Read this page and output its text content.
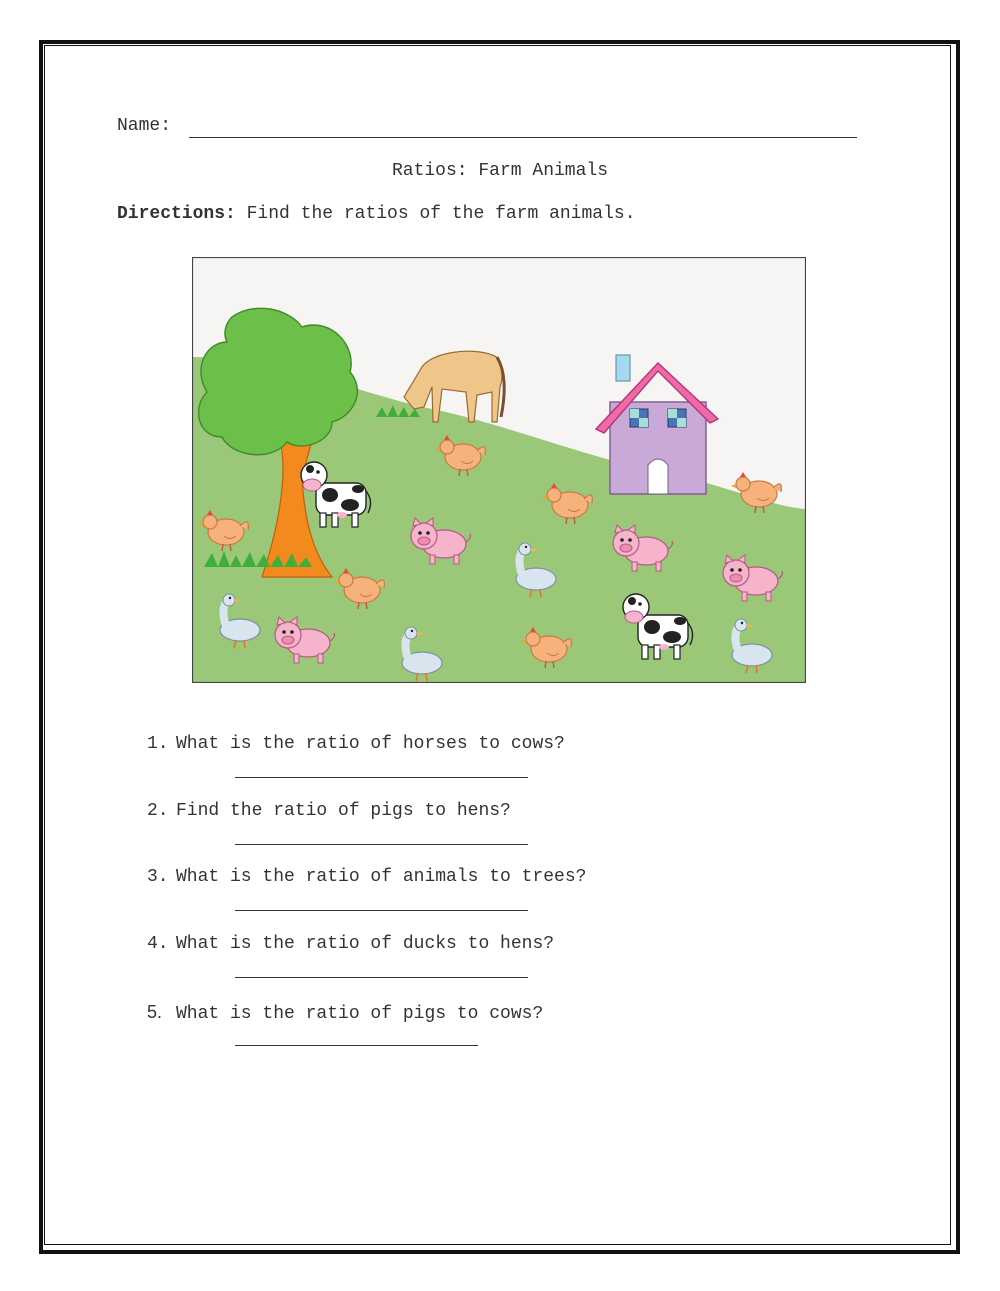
Name:
Ratios: Farm Animals
Directions: Find the ratios of the farm animals.
1. What is the ratio of horses to cows?
2. Find the ratio of pigs to hens?
3. What is the ratio of animals to trees?
4. What is the ratio of ducks to hens?
5. What is the ratio of pigs to cows?
